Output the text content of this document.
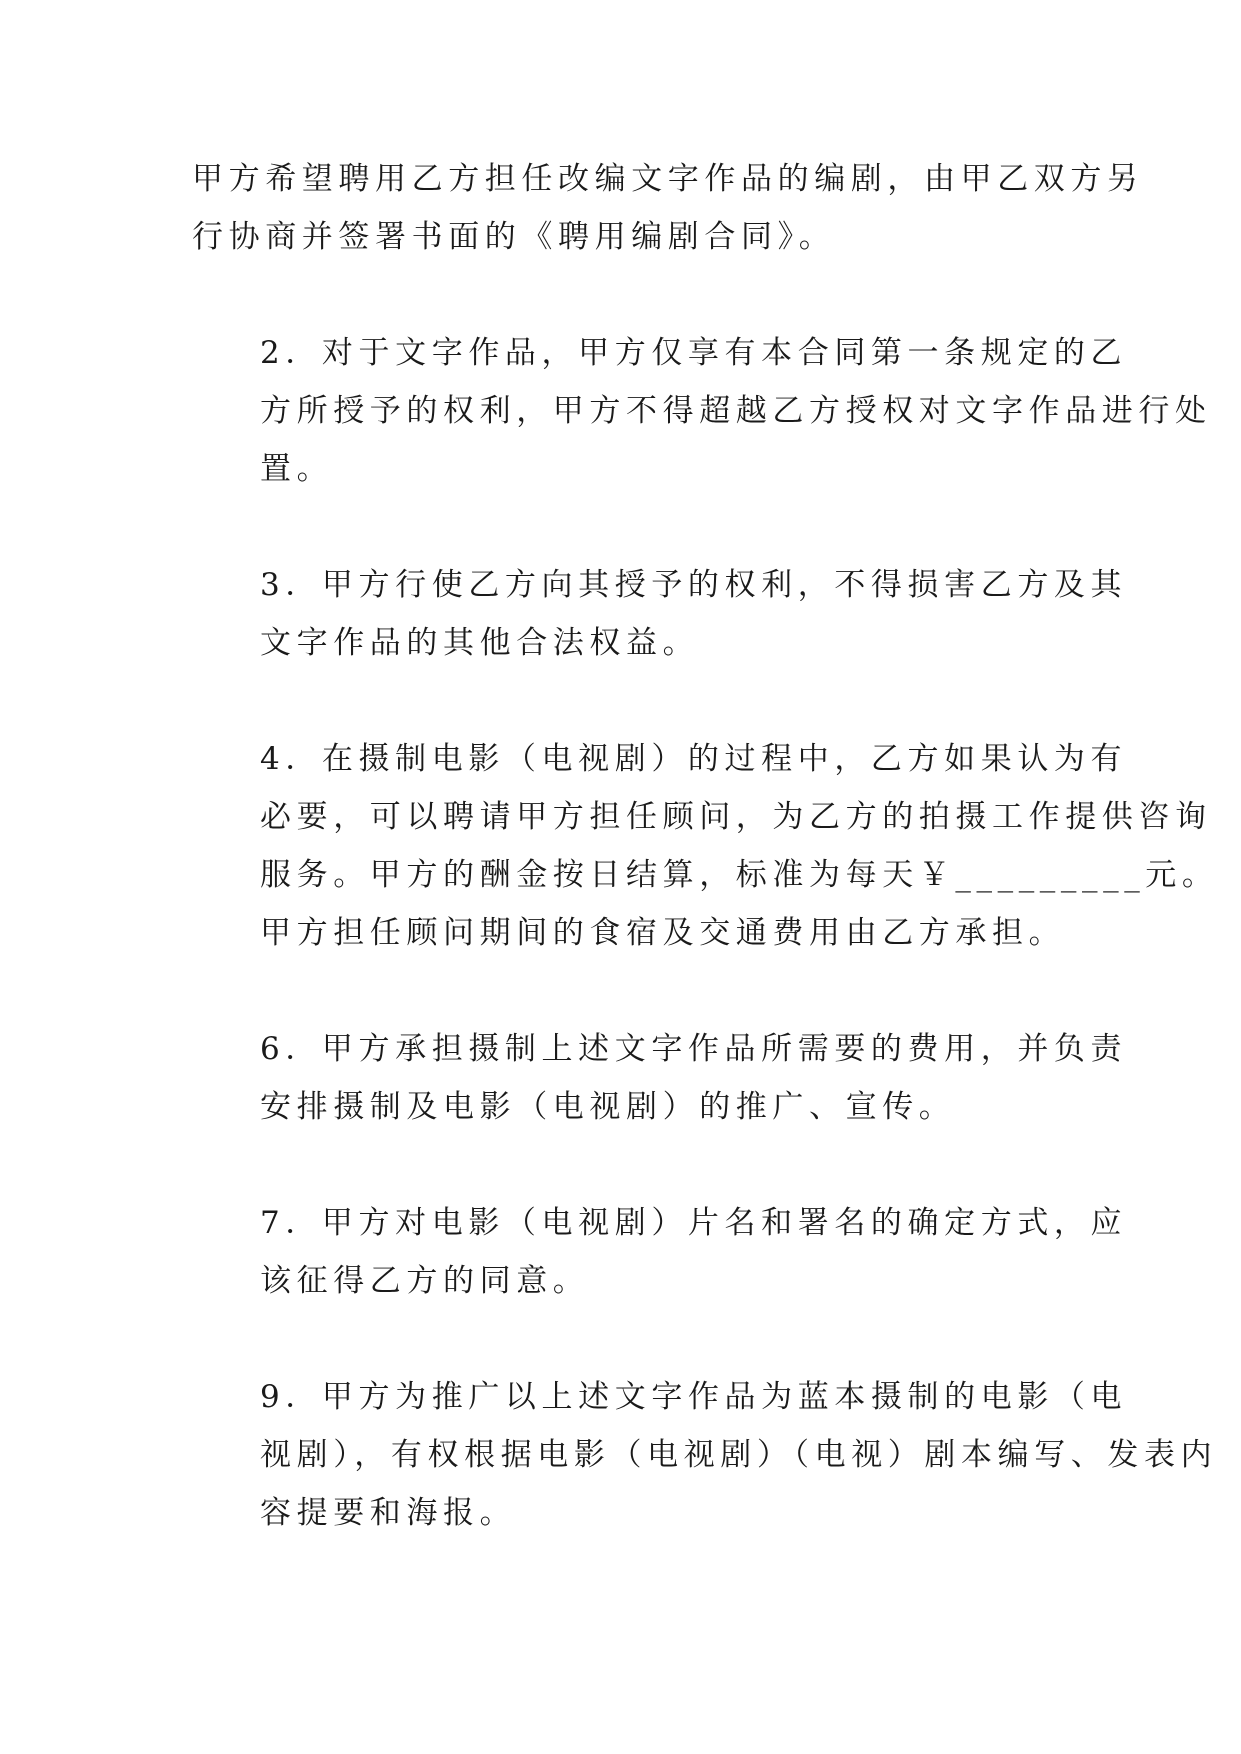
甲方希望聘用乙方担任改编文字作品的编剧，由甲乙双方另
行协商并签署书面的《聘用编剧合同》。

2．对于文字作品，甲方仅享有本合同第一条规定的乙
方所授予的权利，甲方不得超越乙方授权对文字作品进行处
置。

3．甲方行使乙方向其授予的权利，不得损害乙方及其
文字作品的其他合法权益。

4．在摄制电影（电视剧）的过程中，乙方如果认为有
必要，可以聘请甲方担任顾问，为乙方的拍摄工作提供咨询
服务。甲方的酬金按日结算，标准为每天￥_________元。
甲方担任顾问期间的食宿及交通费用由乙方承担。

6．甲方承担摄制上述文字作品所需要的费用，并负责
安排摄制及电影（电视剧）的推广、宣传。

7．甲方对电影（电视剧）片名和署名的确定方式，应
该征得乙方的同意。

9．甲方为推广以上述文字作品为蓝本摄制的电影（电
视剧），有权根据电影（电视剧）（电视）剧本编写、发表内
容提要和海报。
